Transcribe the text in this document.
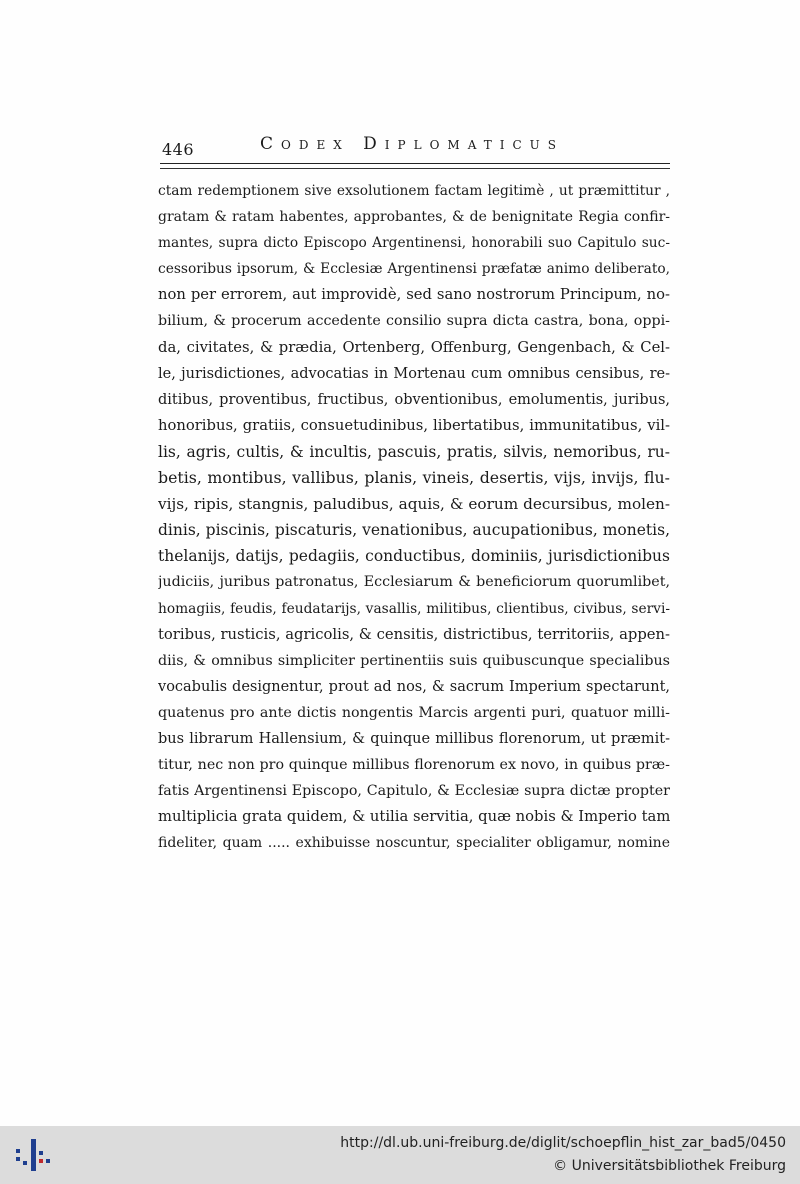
446	Codex Diplomaticus
ctam redemptionem sive exsolutionem factam legitimè , ut præmittitur ,
gratam & ratam habentes, approbantes, & de benignitate Regia confir-
mantes, supra dicto Episcopo Argentinensi, honorabili suo Capitulo suc-
cessoribus ipsorum, & Ecclesiæ Argentinensi præfatæ animo deliberato,
non per errorem, aut improvidè, sed sano nostrorum Principum, no-
bilium, & procerum accedente consilio supra dicta castra, bona, oppi-
da, civitates, & prædia, Ortenberg, Offenburg, Gengenbach, & Cel-
le, jurisdictiones, advocatias in Mortenau cum omnibus censibus, re-
ditibus, proventibus, fructibus, obventionibus, emolumentis, juribus,
honoribus, gratiis, consuetudinibus, libertatibus, immunitatibus, vil-
lis, agris, cultis, & incultis, pascuis, pratis, silvis, nemoribus, ru-
betis, montibus, vallibus, planis, vineis, desertis, vijs, invijs, flu-
vijs, ripis, stangnis, paludibus, aquis, & eorum decursibus, molen-
dinis, piscinis, piscaturis, venationibus, aucupationibus, monetis,
thelanijs, datijs, pedagiis, conductibus, dominiis, jurisdictionibus
judiciis, juribus patronatus, Ecclesiarum & beneficiorum quorumlibet,
homagiis, feudis, feudatarijs, vasallis, militibus, clientibus, civibus, servi-
toribus, rusticis, agricolis, & censitis, districtibus, territoriis, appen-
diis, & omnibus simpliciter pertinentiis suis quibuscunque specialibus
vocabulis designentur, prout ad nos, & sacrum Imperium spectarunt,
quatenus pro ante dictis nongentis Marcis argenti puri, quatuor milli-
bus librarum Hallensium, & quinque millibus florenorum, ut præmit-
titur, nec non pro quinque millibus florenorum ex novo, in quibus præ-
fatis Argentinensi Episcopo, Capitulo, & Ecclesiæ supra dictæ propter
multiplicia grata quidem, & utilia servitia, quæ nobis & Imperio tam
fideliter, quam ..... exhibuisse noscuntur, specialiter obligamur, nomine
http://dl.ub.uni-freiburg.de/diglit/schoepflin_hist_zar_bad5/0450
© Universitätsbibliothek Freiburg
